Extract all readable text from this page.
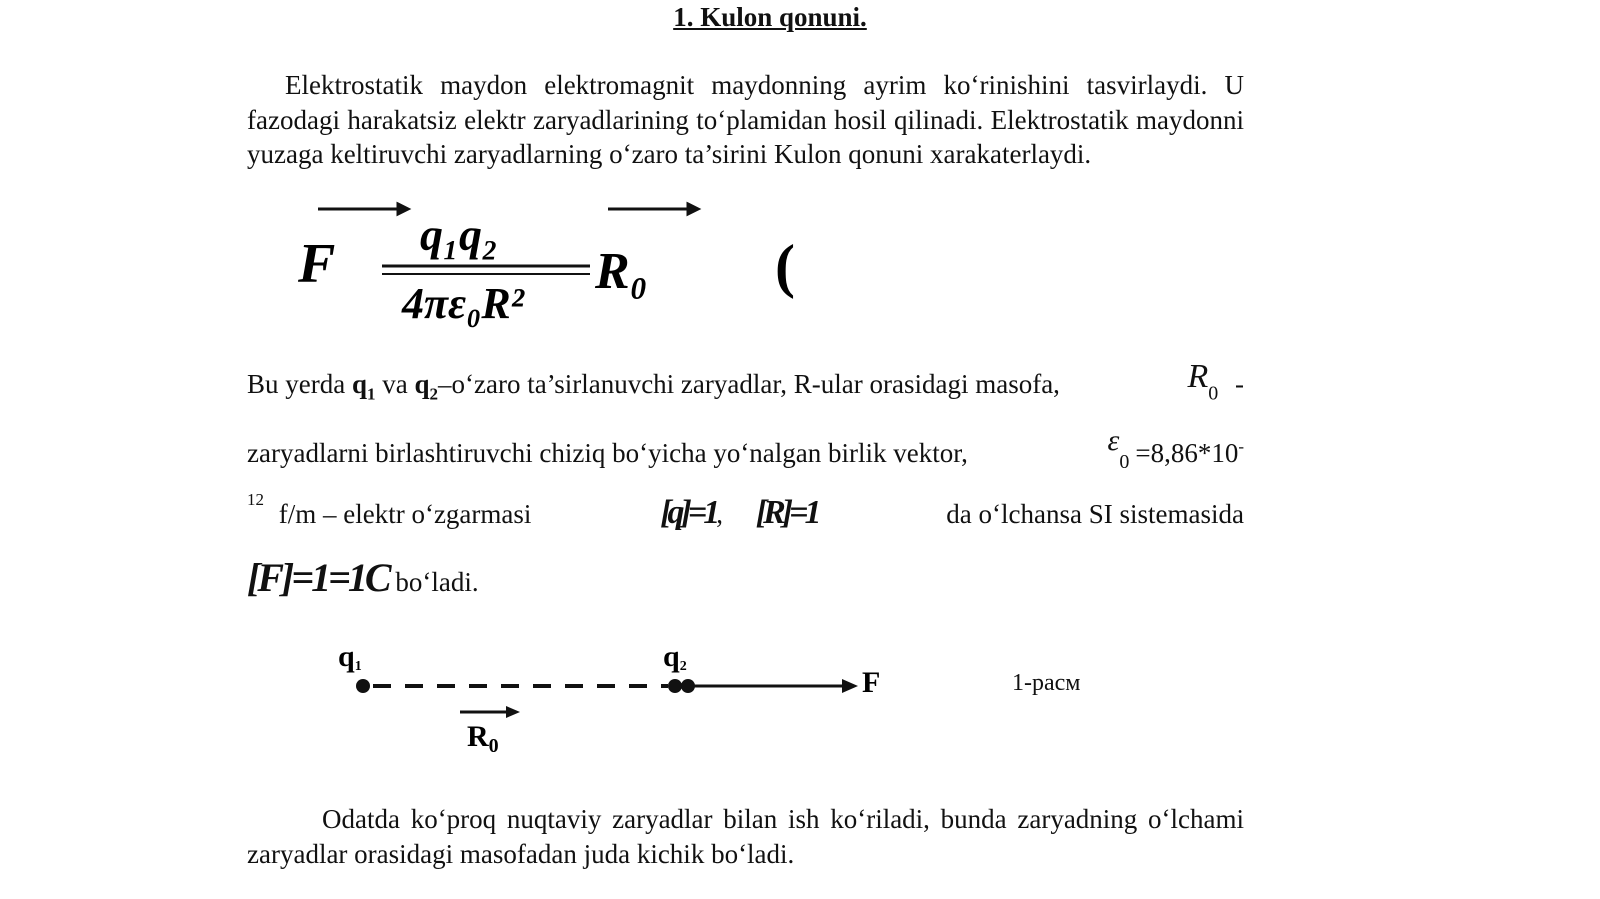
1. Kulon qonuni.
Elektrostatik maydon elektromagnit maydonning ayrim ko‘rinishini tasvirlaydi. U fazodagi harakatsiz elektr zaryadlarining to‘plamidan hosil qilinadi. Elektrostatik maydonni yuzaga keltiruvchi zaryadlarning o‘zaro ta’sirini Kulon qonuni xarakaterlaydi.
F q₁q₂
4πε₀R²
R₀ (
Bu yerda $q_1$ va $q_2-o‘zaro$ ta’sirlanuvchi zaryadlar, R-ular orasidagi masofa,	$R_0$ -
zaryadlarni birlashtiruvchi chiziq bo‘yicha yo‘nalgan birlik vektor,	$\varepsilon_0 =8,86*10^-$
$^{12}$ f/m – elektr o‘zgarmasi	[q]=1, [R]=1	da o‘lchansa SI sistemasida
[F]=1=1C bo‘ladi.
q1	q2	F
$R_0$
1-расм
Odatda ko‘proq nuqtaviy zaryadlar bilan ish ko‘riladi, bunda zaryadning o‘lchami zaryadlar orasidagi masofadan juda kichik bo‘ladi.
